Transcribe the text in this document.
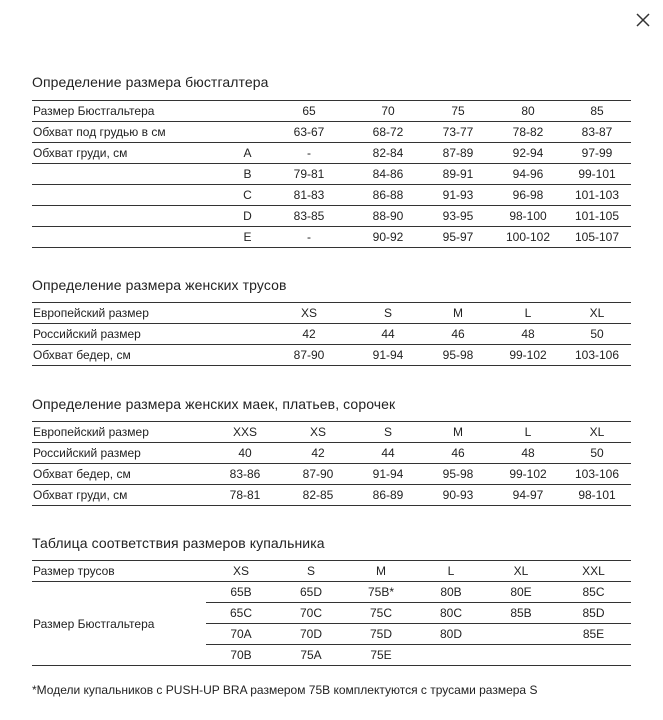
Определение размера бюстгалтера
Размер Бюстгальтера		65	70	75	80	85
Обхват под грудью в см		63-67	68-72	73-77	78-82	83-87
Обхват груди, см	A	-	82-84	87-89	92-94	97-99
	B	79-81	84-86	89-91	94-96	99-101
	C	81-83	86-88	91-93	96-98	101-103
	D	83-85	88-90	93-95	98-100	101-105
	E	-	90-92	95-97	100-102	105-107
Определение размера женских трусов
Европейский размер	XS	S	M	L	XL
Российский размер	42	44	46	48	50
Обхват бедер, см	87-90	91-94	95-98	99-102	103-106
Определение размера женских маек, платьев, сорочек
Европейский размер	XXS	XS	S	M	L	XL
Российский размер	40	42	44	46	48	50
Обхват бедер, см	83-86	87-90	91-94	95-98	99-102	103-106
Обхват груди, см	78-81	82-85	86-89	90-93	94-97	98-101
Таблица соответствия размеров купальника
Размер трусов	XS	S	M	L	XL	XXL
Размер Бюстгальтера	65B	65D	75B*	80B	80E	85C
	65C	70C	75C	80C	85B	85D
	70A	70D	75D	80D		85E
	70B	75A	75E			
*Модели купальников с PUSH-UP BRA размером 75B комплектуются с трусами размера S
